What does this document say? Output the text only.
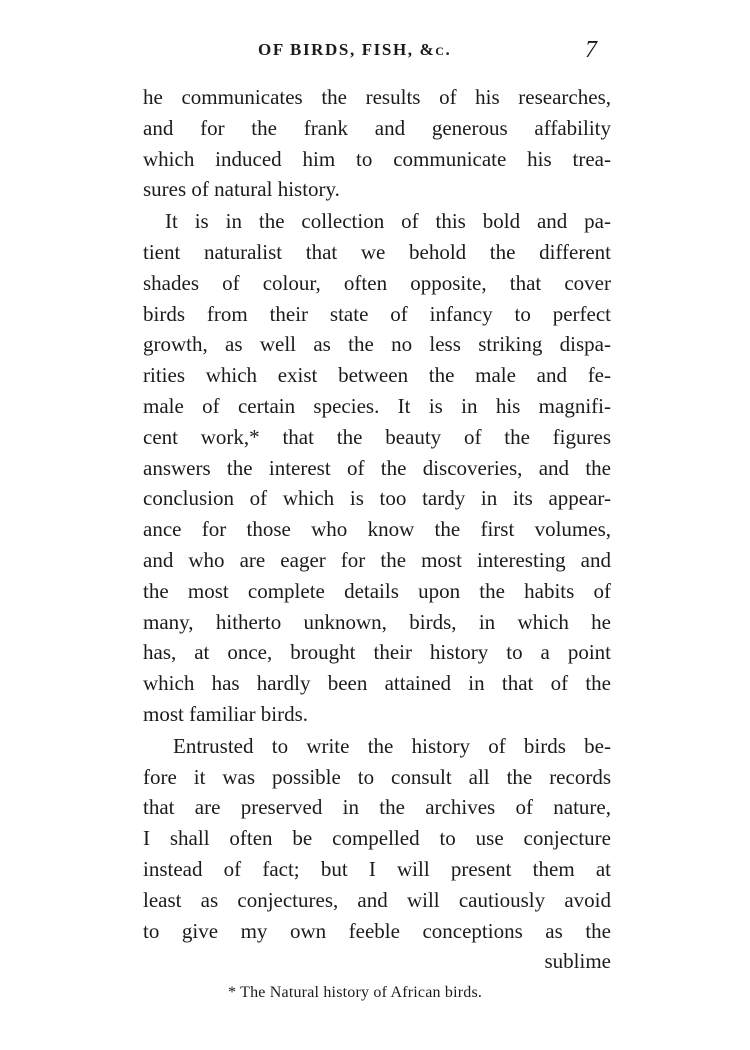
OF BIRDS, FISH, &c.	7
he communicates the results of his researches,
and for the frank and generous affability
which induced him to communicate his trea-
sures of natural history.
It is in the collection of this bold and pa-
tient naturalist that we behold the different
shades of colour, often opposite, that cover
birds from their state of infancy to perfect
growth, as well as the no less striking dispa-
rities which exist between the male and fe-
male of certain species. It is in his magnifi-
cent work,* that the beauty of the figures
answers the interest of the discoveries, and the
conclusion of which is too tardy in its appear-
ance for those who know the first volumes,
and who are eager for the most interesting and
the most complete details upon the habits of
many, hitherto unknown, birds, in which he
has, at once, brought their history to a point
which has hardly been attained in that of the
most familiar birds.
Entrusted to write the history of birds be-
fore it was possible to consult all the records
that are preserved in the archives of nature,
I shall often be compelled to use conjecture
instead of fact; but I will present them at
least as conjectures, and will cautiously avoid
to give my own feeble conceptions as the
sublime
* The Natural history of African birds.
